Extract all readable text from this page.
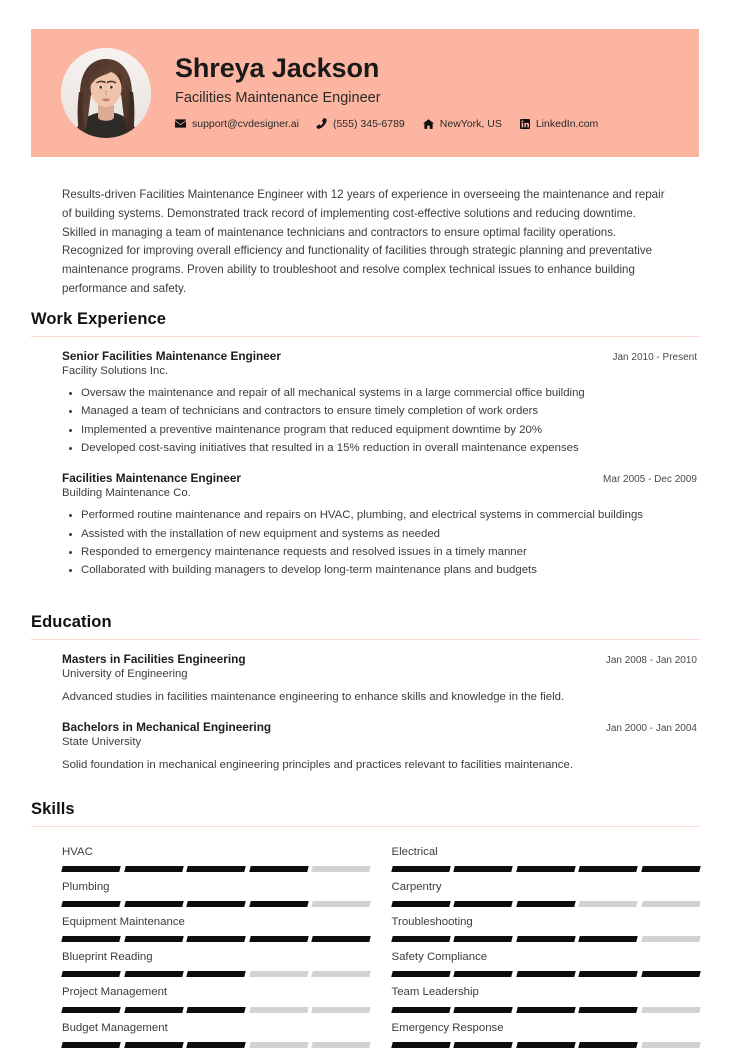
Shreya Jackson
Facilities Maintenance Engineer
support@cvdesigner.ai	(555) 345-6789	NewYork, US	LinkedIn.com
Results-driven Facilities Maintenance Engineer with 12 years of experience in overseeing the maintenance and repair of building systems. Demonstrated track record of implementing cost-effective solutions and reducing downtime. Skilled in managing a team of maintenance technicians and contractors to ensure optimal facility operations. Recognized for improving overall efficiency and functionality of facilities through strategic planning and preventative maintenance programs. Proven ability to troubleshoot and resolve complex technical issues to enhance building performance and safety.
Work Experience
Senior Facilities Maintenance Engineer	Jan 2010 - Present
Facility Solutions Inc.
Oversaw the maintenance and repair of all mechanical systems in a large commercial office building
Managed a team of technicians and contractors to ensure timely completion of work orders
Implemented a preventive maintenance program that reduced equipment downtime by 20%
Developed cost-saving initiatives that resulted in a 15% reduction in overall maintenance expenses
Facilities Maintenance Engineer	Mar 2005 - Dec 2009
Building Maintenance Co.
Performed routine maintenance and repairs on HVAC, plumbing, and electrical systems in commercial buildings
Assisted with the installation of new equipment and systems as needed
Responded to emergency maintenance requests and resolved issues in a timely manner
Collaborated with building managers to develop long-term maintenance plans and budgets
Education
Masters in Facilities Engineering	Jan 2008 - Jan 2010
University of Engineering
Advanced studies in facilities maintenance engineering to enhance skills and knowledge in the field.
Bachelors in Mechanical Engineering	Jan 2000 - Jan 2004
State University
Solid foundation in mechanical engineering principles and practices relevant to facilities maintenance.
Skills
HVAC	Electrical
Plumbing	Carpentry
Equipment Maintenance	Troubleshooting
Blueprint Reading	Safety Compliance
Project Management	Team Leadership
Budget Management	Emergency Response
